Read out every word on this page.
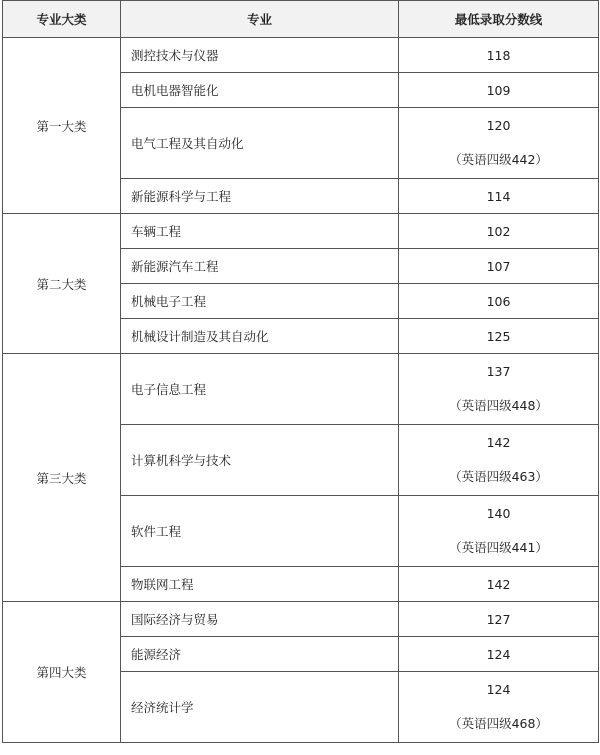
专业大类	专业	最低录取分数线
第一大类	测控技术与仪器	118
	电机电器智能化	109
	电气工程及其自动化	120
（英语四级442）

	新能源科学与工程	114
第二大类	车辆工程	102
	新能源汽车工程	107
	机械电子工程	106
	机械设计制造及其自动化	125
第三大类	电子信息工程	137
（英语四级448）

	计算机科学与技术	142
（英语四级463）

	软件工程	140
（英语四级441）

	物联网工程	142
第四大类	国际经济与贸易	127
	能源经济	124
	经济统计学	124
（英语四级468）
